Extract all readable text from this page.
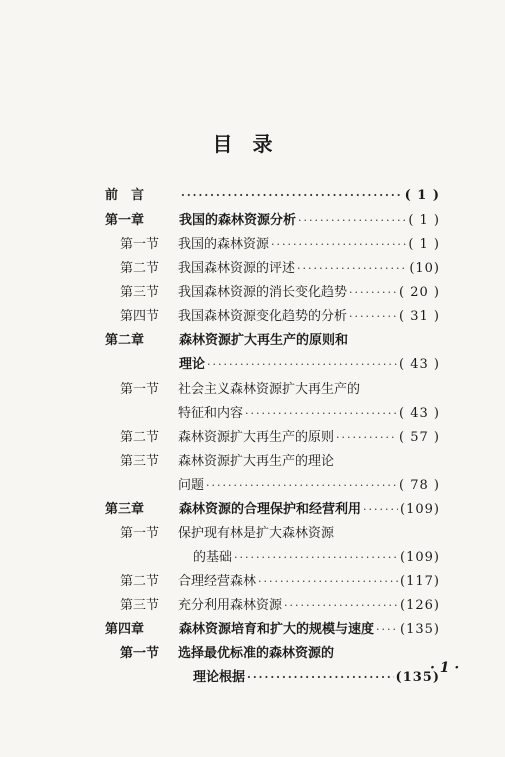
目录
前　言 ·····	( 1 )
第一章	我国的森林资源分析 ·····	( 1 )
第一节	我国的森林资源 ·····	( 1 )
第二节	我国森林资源的评述 ·····	(10)
第三节	我国森林资源的消长变化趋势 ·····	( 20 )
第四节	我国森林资源变化趋势的分析 ·····	( 31 )
第二章	森林资源扩大再生产的原则和
理论 ·····	( 43 )
第一节	社会主义森林资源扩大再生产的
特征和内容 ·····	( 43 )
第二节	森林资源扩大再生产的原则 ·····	( 57 )
第三节	森林资源扩大再生产的理论
问题 ·····	( 78 )
第三章	森林资源的合理保护和经营利用 ·····	(109)
第一节	保护现有林是扩大森林资源
的基础 ·····	(109)
第二节	合理经营森林 ·····	(117)
第三节	充分利用森林资源 ·····	(126)
第四章	森林资源培育和扩大的规模与速度 ····· (135)
第一节	选择最优标准的森林资源的
理论根据 ·····	(135)
· 1 ·
